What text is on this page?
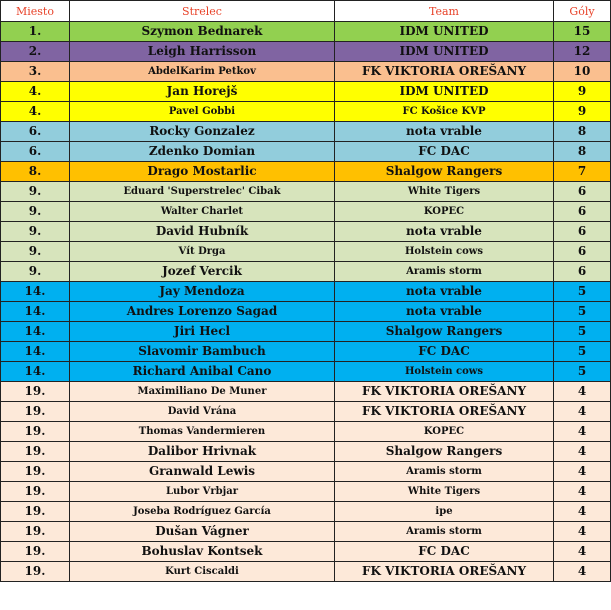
Miesto	Strelec	Team	Góly
1.	Szymon Bednarek	IDM UNITED	15
2.	Leigh Harrisson	IDM UNITED	12
3.	AbdelKarim Petkov	FK VIKTORIA OREŠANY	10
4.	Jan Horejš	IDM UNITED	9
4.	Pavel Gobbi	FC Košice KVP	9
6.	Rocky Gonzalez	nota vrable	8
6.	Zdenko Domian	FC DAC	8
8.	Drago Mostarlic	Shalgow Rangers	7
9.	Eduard 'Superstrelec' Cibak	White Tigers	6
9.	Walter Charlet	KOPEC	6
9.	David Hubník	nota vrable	6
9.	Vít Drga	Holstein cows	6
9.	Jozef Vercik	Aramis storm	6
14.	Jay Mendoza	nota vrable	5
14.	Andres Lorenzo Sagad	nota vrable	5
14.	Jiri Hecl	Shalgow Rangers	5
14.	Slavomir Bambuch	FC DAC	5
14.	Richard Anibal Cano	Holstein cows	5
19.	Maximiliano De Muner	FK VIKTORIA OREŠANY	4
19.	David Vrána	FK VIKTORIA OREŠANY	4
19.	Thomas Vandermieren	KOPEC	4
19.	Dalibor Hrivnak	Shalgow Rangers	4
19.	Granwald Lewis	Aramis storm	4
19.	Lubor Vrbjar	White Tigers	4
19.	Joseba Rodríguez García	ipe	4
19.	Dušan Vágner	Aramis storm	4
19.	Bohuslav Kontsek	FC DAC	4
19.	Kurt Ciscaldi	FK VIKTORIA OREŠANY	4
